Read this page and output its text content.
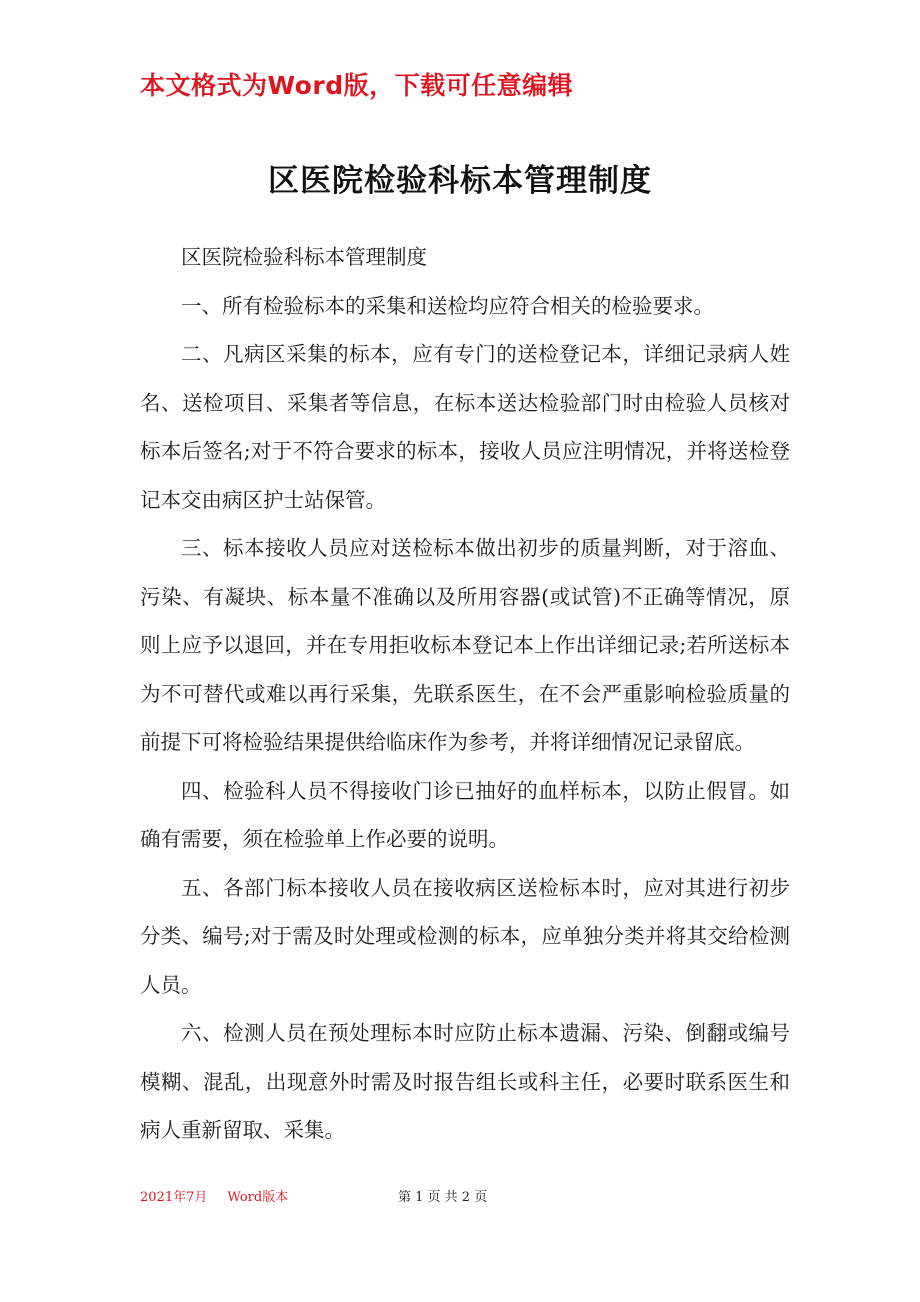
本文格式为Word版，下载可任意编辑
区医院检验科标本管理制度

区医院检验科标本管理制度

一、所有检验标本的采集和送检均应符合相关的检验要求。

二、凡病区采集的标本，应有专门的送检登记本，详细记录病人姓名、送检项目、采集者等信息，在标本送达检验部门时由检验人员核对标本后签名;对于不符合要求的标本，接收人员应注明情况，并将送检登记本交由病区护士站保管。

三、标本接收人员应对送检标本做出初步的质量判断，对于溶血、污染、有凝块、标本量不准确以及所用容器(或试管)不正确等情况，原则上应予以退回，并在专用拒收标本登记本上作出详细记录;若所送标本为不可替代或难以再行采集，先联系医生，在不会严重影响检验质量的前提下可将检验结果提供给临床作为参考，并将详细情况记录留底。

四、检验科人员不得接收门诊已抽好的血样标本，以防止假冒。如确有需要，须在检验单上作必要的说明。

五、各部门标本接收人员在接收病区送检标本时，应对其进行初步分类、编号;对于需及时处理或检测的标本，应单独分类并将其交给检测人员。

六、检测人员在预处理标本时应防止标本遗漏、污染、倒翻或编号模糊、混乱，出现意外时需及时报告组长或科主任，必要时联系医生和病人重新留取、采集。

2021年7月 Word版本	第 1 页 共 2 页
